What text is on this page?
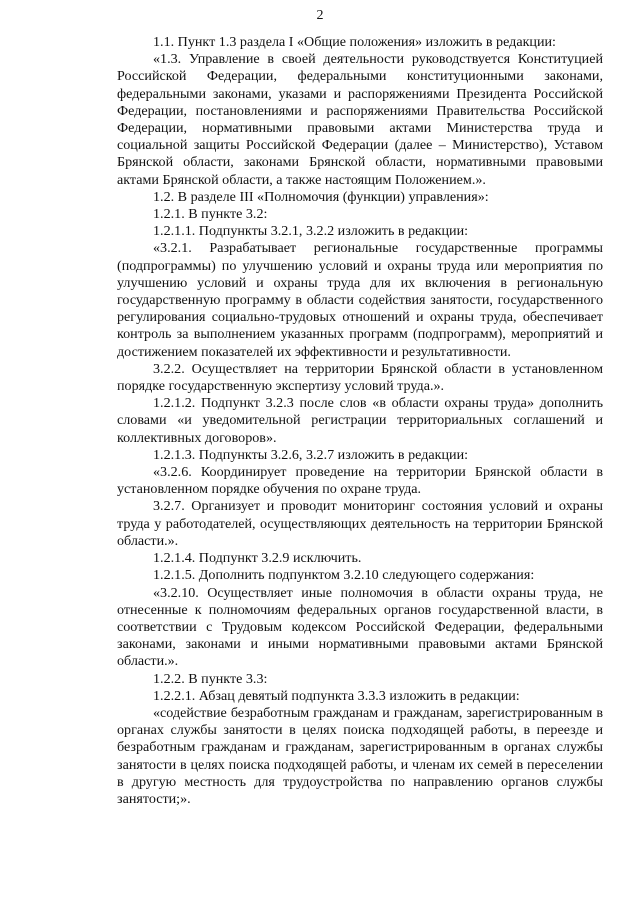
2

1.1. Пункт 1.3 раздела I «Общие положения» изложить в редакции:

«1.3. Управление в своей деятельности руководствуется Конституцией Российской Федерации, федеральными конституционными законами, федеральными законами, указами и распоряжениями Президента Российской Федерации, постановлениями и распоряжениями Правительства Российской Федерации, нормативными правовыми актами Министерства труда и социальной защиты Российской Федерации (далее – Министерство), Уставом Брянской области, законами Брянской области, нормативными правовыми актами Брянской области, а также настоящим Положением.».

1.2. В разделе III «Полномочия (функции) управления»:

1.2.1. В пункте 3.2:

1.2.1.1. Подпункты 3.2.1, 3.2.2 изложить в редакции:

«3.2.1. Разрабатывает региональные государственные программы (подпрограммы) по улучшению условий и охраны труда или мероприятия по улучшению условий и охраны труда для их включения в региональную государственную программу в области содействия занятости, государственного регулирования социально-трудовых отношений и охраны труда, обеспечивает контроль за выполнением указанных программ (подпрограмм), мероприятий и достижением показателей их эффективности и результативности.

3.2.2. Осуществляет на территории Брянской области в установленном порядке государственную экспертизу условий труда.».

1.2.1.2. Подпункт 3.2.3 после слов «в области охраны труда» дополнить словами «и уведомительной регистрации территориальных соглашений и коллективных договоров».

1.2.1.3. Подпункты 3.2.6, 3.2.7 изложить в редакции:

«3.2.6. Координирует проведение на территории Брянской области в установленном порядке обучения по охране труда.

3.2.7. Организует и проводит мониторинг состояния условий и охраны труда у работодателей, осуществляющих деятельность на территории Брянской области.».

1.2.1.4. Подпункт 3.2.9 исключить.

1.2.1.5. Дополнить подпунктом 3.2.10 следующего содержания:

«3.2.10. Осуществляет иные полномочия в области охраны труда, не отнесенные к полномочиям федеральных органов государственной власти, в соответствии с Трудовым кодексом Российской Федерации, федеральными законами, законами и иными нормативными правовыми актами Брянской области.».

1.2.2. В пункте 3.3:

1.2.2.1. Абзац девятый подпункта 3.3.3 изложить в редакции:

«содействие безработным гражданам и гражданам, зарегистрированным в органах службы занятости в целях поиска подходящей работы, в переезде и безработным гражданам и гражданам, зарегистрированным в органах службы занятости в целях поиска подходящей работы, и членам их семей в переселении в другую местность для трудоустройства по направлению органов службы занятости;».
